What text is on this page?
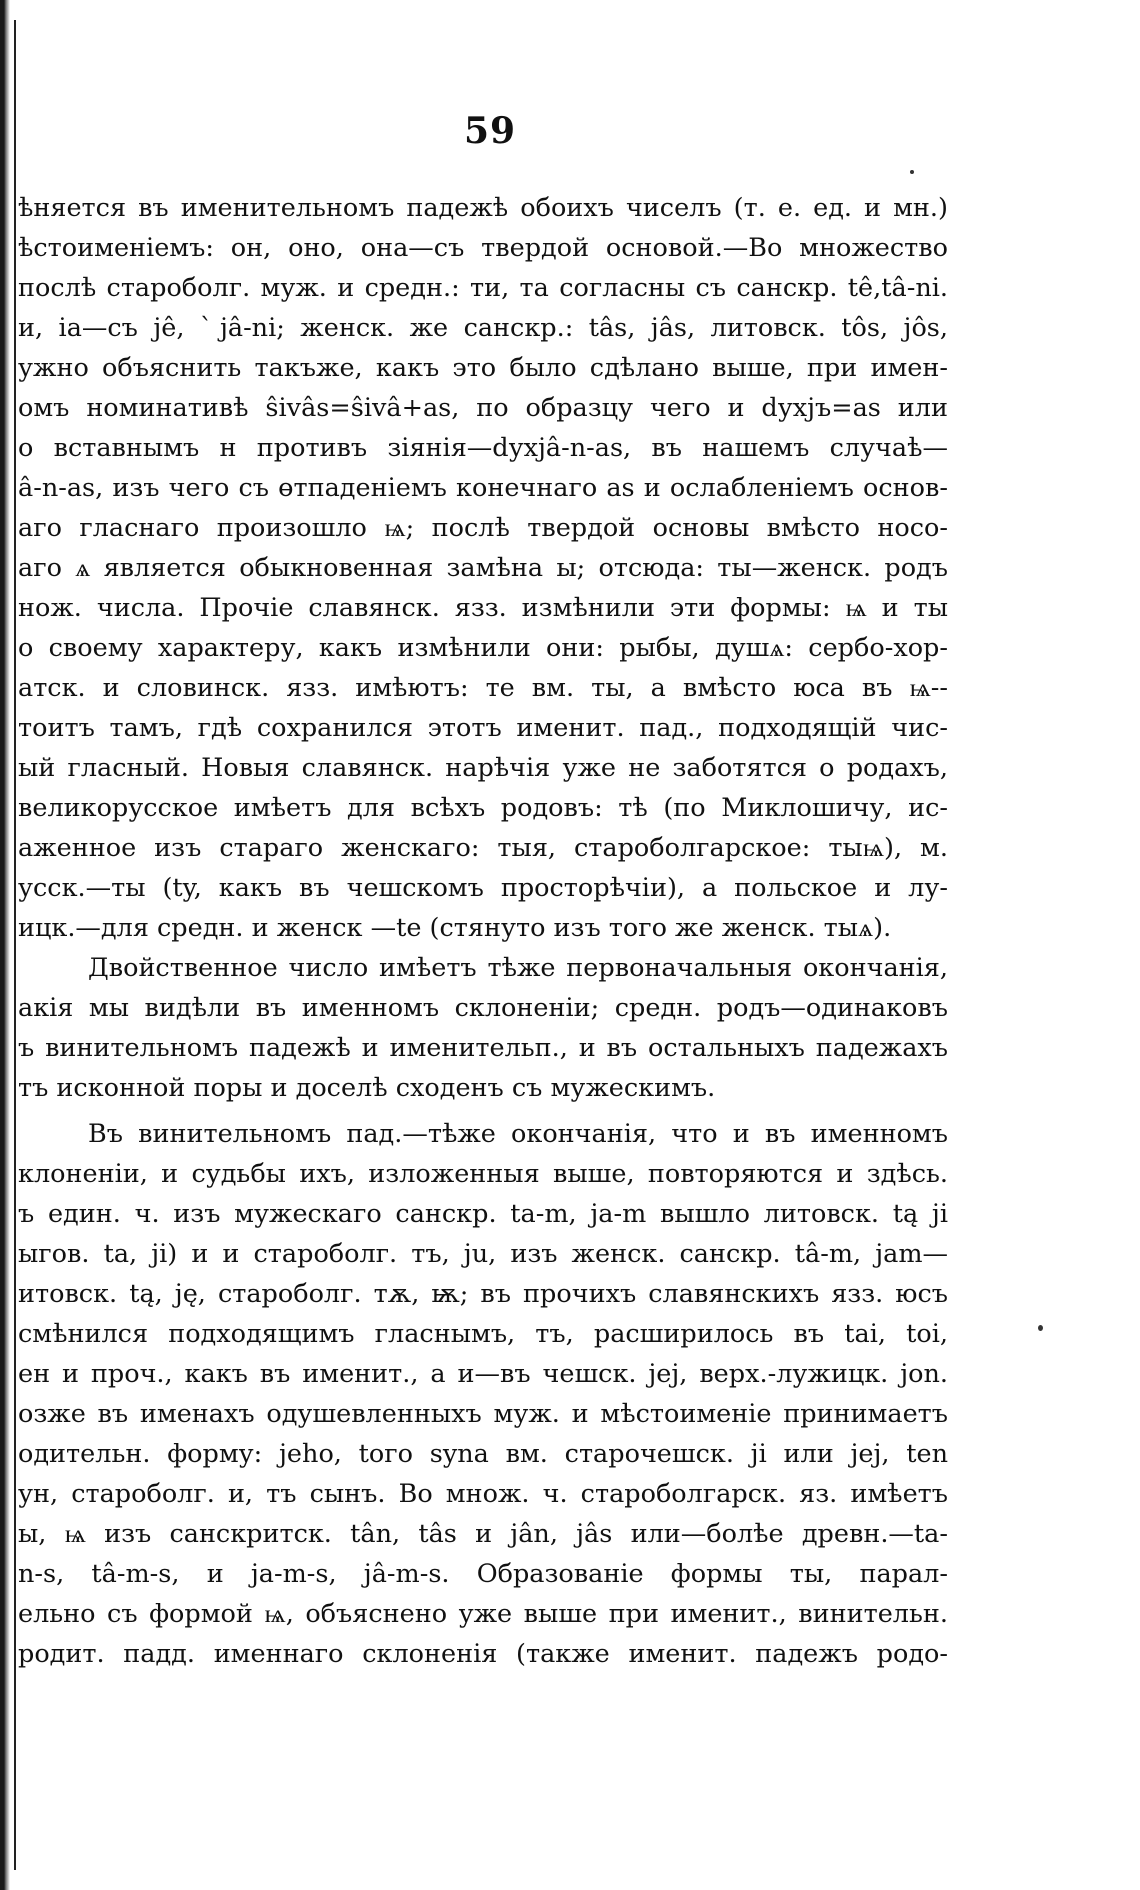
59
ѣняется въ именительномъ падежѣ обоихъ чиселъ (т. е. ед. и мн.)
ѣстоименіемъ: он, оно, она—съ твердой основой.—Во множество
послѣ староболг. муж. и средн.: ти, та согласны съ санскр. tê,tâ-ni.
и, ia—съ jê, ˋjâ-ni; женск. же санскр.: tâs, jâs, литовск. tôs, jôs,
ужно объяснить такъже, какъ это было сдѣлано выше, при имен-
омъ номинативѣ ŝivâs=ŝivâ+as, по образцу чего и dухjъ=as или
о вставнымъ н противъ зіянія—dухjâ-n-as, въ нашемъ случаѣ—
â-n-as, изъ чего съ өтпаденіемъ конечнаго as и ослабленіемъ основ-
аго гласнаго произошло ѩ; послѣ твердой основы вмѣсто носо-
аго ѧ является обыкновенная замѣна ы; отсюда: ты—женск. родъ
нож. числа. Прочіе славянск. язз. измѣнили эти формы: ѩ и ты
о своему характеру, какъ измѣнили они: рыбы, душѧ: сербо-хор-
атск. и словинск. язз. имѣютъ: те вм. ты, а вмѣсто юса въ ѩ--
тоитъ тамъ, гдѣ сохранился этотъ именит. пад., подходящій чис-
ый гласный. Новыя славянск. нарѣчія уже не заботятся о родахъ,
великорусское имѣетъ для всѣхъ родовъ: тѣ (по Миклошичу, ис-
аженное изъ стараго женскаго: тыя, староболгарское: тыѩ), м.
усск.—ты (ty, какъ въ чешскомъ просторѣчіи), а польское и лу-
ицк.—для средн. и женск —te (стянуто изъ того же женск. тыѧ).
Двойственное число имѣетъ тѣже первоначальныя окончанія,
акія мы видѣли въ именномъ склоненіи; средн. родъ—одинаковъ
ъ винительномъ падежѣ и именительп., и въ остальныхъ падежахъ
тъ исконной поры и доселѣ сходенъ съ мужескимъ.
Въ винительномъ пад.—тѣже окончанія, что и въ именномъ
клоненіи, и судьбы ихъ, изложенныя выше, повторяются и здѣсь.
ъ един. ч. изъ мужескаго санскр. ta-m, ja-m вышло литовск. tą ji
ыгов. ta, ji) и и староболг. тъ, ju, изъ женск. санскр. tâ-m, jam—
итовск. tą, ję, староболг. тѫ, ѭ; въ прочихъ славянскихъ язз. юсъ
смѣнился подходящимъ гласнымъ, тъ, расширилось въ tai, toi,
ен и проч., какъ въ именит., а и—въ чешск. jej, верх.-лужицк. jon.
озже въ именахъ одушевленныхъ муж. и мѣстоименіе принимаетъ
одительн. форму: jeho, tого syna вм. старочешск. ji или jej, ten
ун, староболг. и, тъ сынъ. Во множ. ч. староболгарск. яз. имѣетъ
ы, ѩ изъ санскритск. tân, tâs и jân, jâs или—болѣе древн.—ta-
n-s, tâ-m-s, и ja-m-s, jâ-m-s. Образованіе формы ты, парал-
ельно съ формой ѩ, объяснено уже выше при именит., винительн.
родит. падд. именнаго склоненія (также именит. падежъ родо-
